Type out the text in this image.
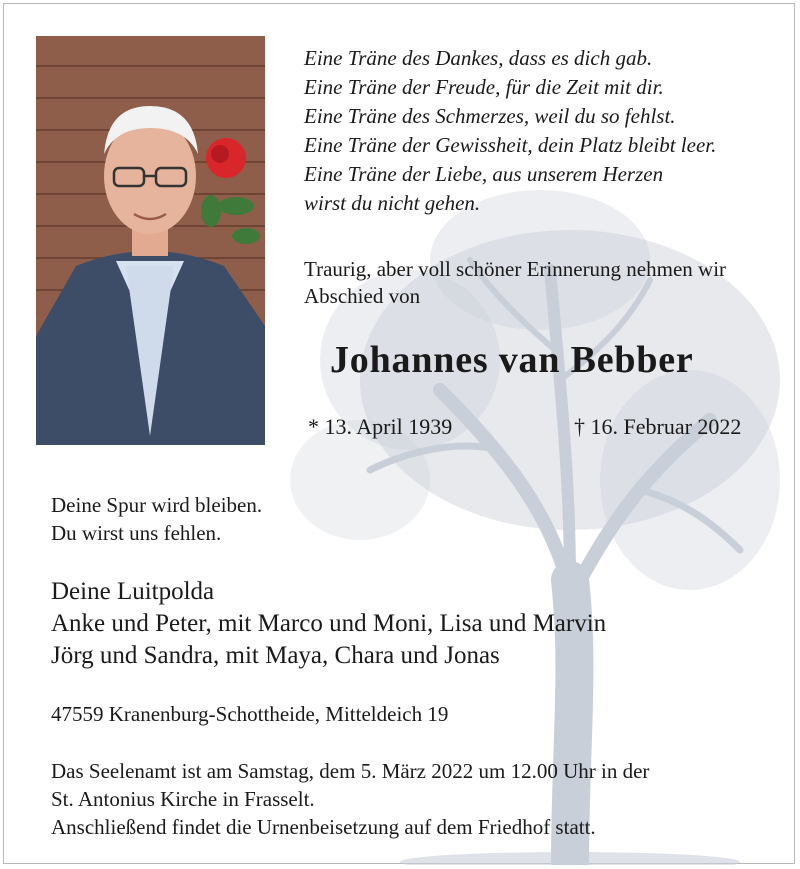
Eine Träne des Dankes, dass es dich gab.
Eine Träne der Freude, für die Zeit mit dir.
Eine Träne des Schmerzes, weil du so fehlst.
Eine Träne der Gewissheit, dein Platz bleibt leer.
Eine Träne der Liebe, aus unserem Herzen
wirst du nicht gehen.
Traurig, aber voll schöner Erinnerung nehmen wir Abschied von
Johannes van Bebber
* 13. April 1939	† 16. Februar 2022
Deine Spur wird bleiben.
Du wirst uns fehlen.
Deine Luitpolda
Anke und Peter, mit Marco und Moni, Lisa und Marvin
Jörg und Sandra, mit Maya, Chara und Jonas
47559 Kranenburg-Schottheide, Mitteldeich 19
Das Seelenamt ist am Samstag, dem 5. März 2022 um 12.00 Uhr in der
St. Antonius Kirche in Frasselt.
Anschließend findet die Urnenbeisetzung auf dem Friedhof statt.
